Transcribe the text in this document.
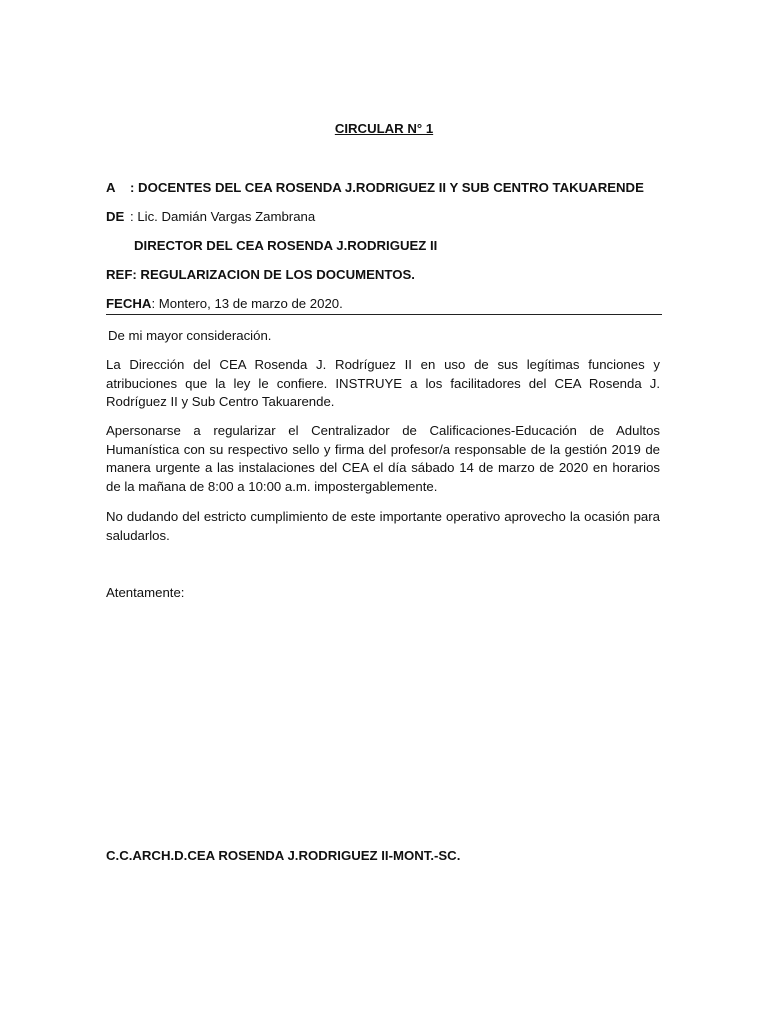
CIRCULAR N° 1
A : DOCENTES DEL CEA ROSENDA J.RODRIGUEZ II Y SUB CENTRO TAKUARENDE
DE : Lic. Damián Vargas Zambrana
DIRECTOR DEL CEA ROSENDA J.RODRIGUEZ II
REF: REGULARIZACION DE LOS DOCUMENTOS.
FECHA: Montero, 13 de marzo de 2020.
De mi mayor consideración.
La Dirección del CEA Rosenda J. Rodríguez II en uso de sus legítimas funciones y atribuciones que la ley le confiere. INSTRUYE a los facilitadores del CEA Rosenda J. Rodríguez II y Sub Centro Takuarende.
Apersonarse a regularizar el Centralizador de Calificaciones-Educación de Adultos Humanística con su respectivo sello y firma del profesor/a responsable de la gestión 2019 de manera urgente a las instalaciones del CEA el día sábado 14 de marzo de 2020 en horarios de la mañana de 8:00 a 10:00 a.m. impostergablemente.
No dudando del estricto cumplimiento de este importante operativo aprovecho la ocasión para saludarlos.
Atentamente:
C.C.ARCH.D.CEA ROSENDA J.RODRIGUEZ II-MONT.-SC.
